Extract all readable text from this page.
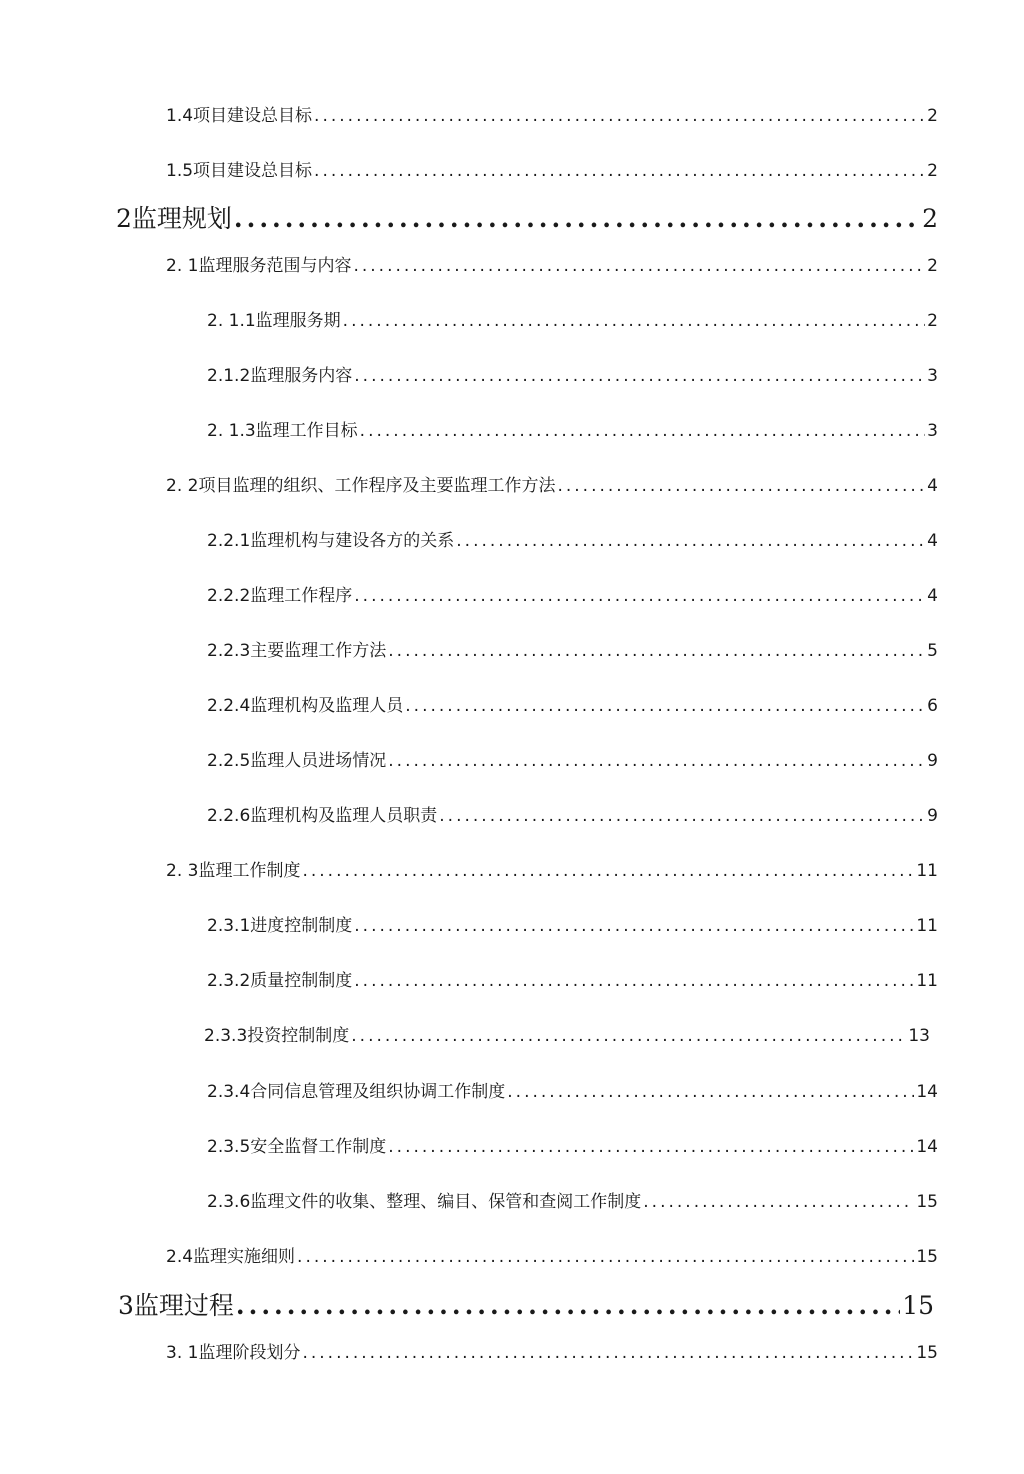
1.4项目建设总目标 .....	2
1.5项目建设总目标 .....	2
2监理规划 .....	2
2. 1监理服务范围与内容 .....	2
2. 1.1监理服务期 .....	2
2.1.2监理服务内容 .....	3
2. 1.3监理工作目标 .....	3
2. 2项目监理的组织、工作程序及主要监理工作方法 .....	4
2.2.1监理机构与建设各方的关系 .....	4
2.2.2监理工作程序 .....	4
2.2.3主要监理工作方法 .....	5
2.2.4监理机构及监理人员 .....	6
2.2.5监理人员进场情况 .....	9
2.2.6监理机构及监理人员职责 .....	9
2. 3监理工作制度 .....	11
2.3.1进度控制制度 .....	11
2.3.2质量控制制度 .....	11
2.3.3投资控制制度 .....	13
2.3.4合同信息管理及组织协调工作制度 .....	14
2.3.5安全监督工作制度 .....	14
2.3.6监理文件的收集、整理、编目、保管和查阅工作制度 .....	15
2.4监理实施细则 .....	15
3监理过程 .....	15
3. 1监理阶段划分 .....	15
